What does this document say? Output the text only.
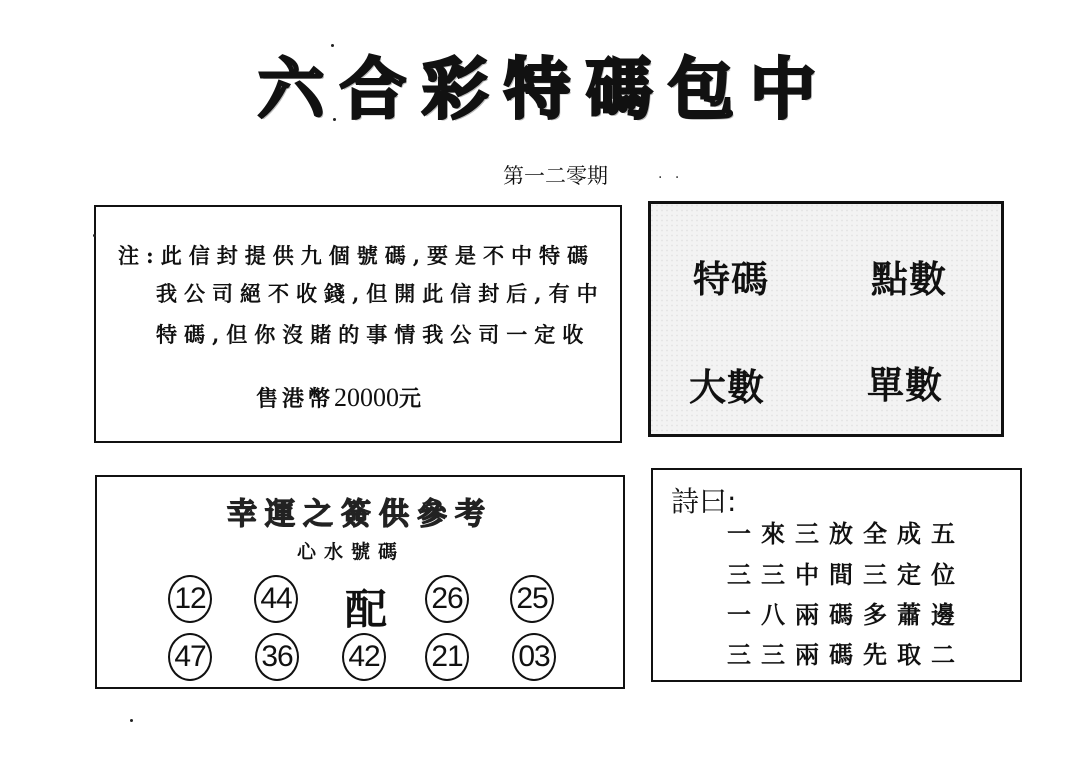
六 合 彩 特 碼 包 中
第一二零期	. .
注:此信封提供九個號碼,要是不中特碼
我公司絕不收錢,但開此信封后,有中
特碼,但你沒賭的事情我公司一定收
售港幣20000元
特碼	點數
大數	單數
幸運之簽供參考
心水號碼
12 44 配 26 25
47 36 42 21 03
詩曰:
一來三放全成五
三三中間三定位
一八兩碼多蕭邊
三三兩碼先取二
